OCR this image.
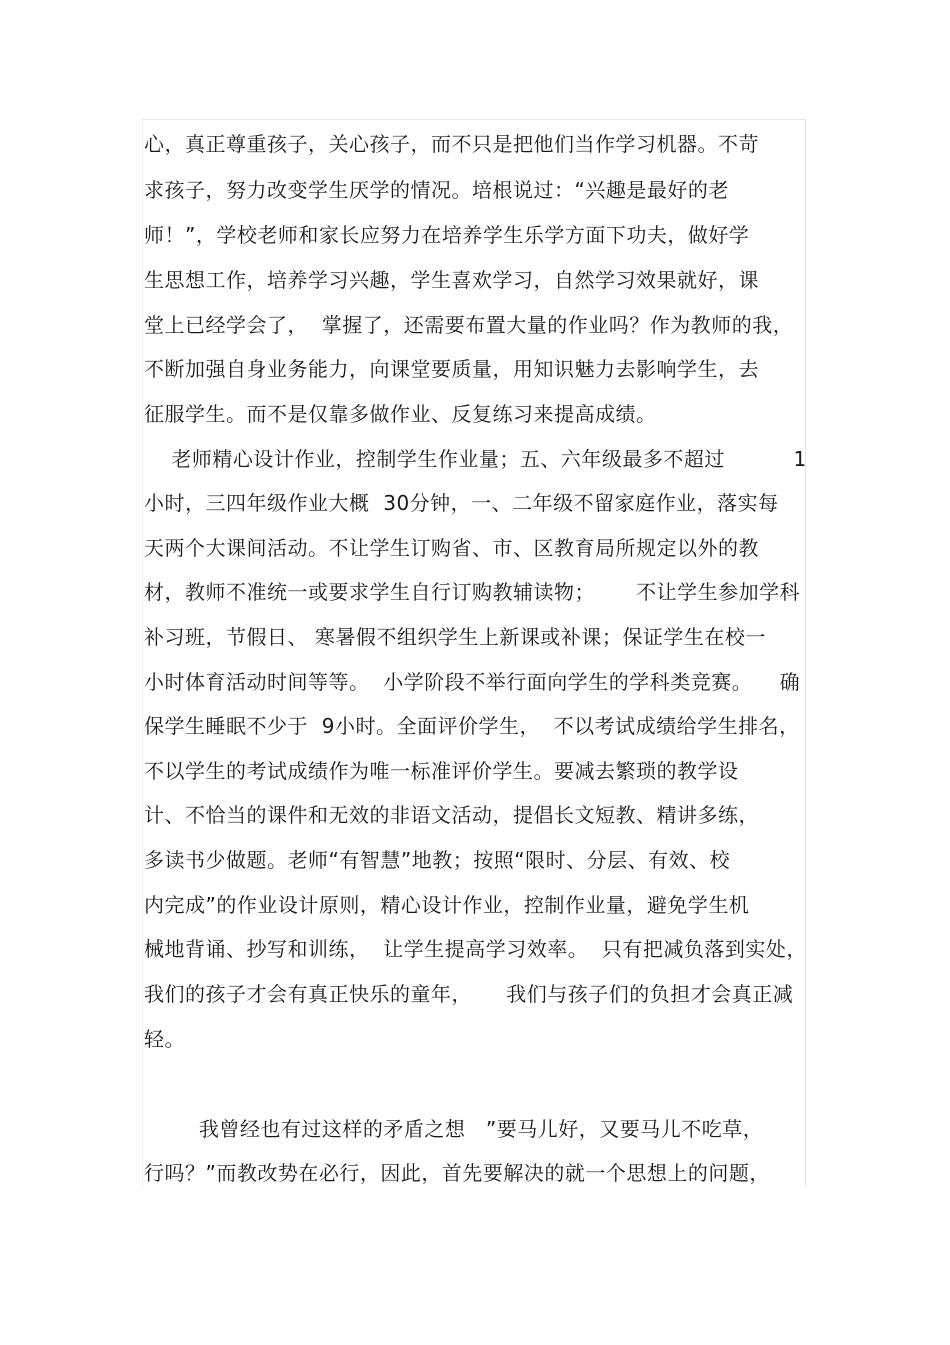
心，真正尊重孩子，关心孩子，而不只是把他们当作学习机器。不苛
求孩子，努力改变学生厌学的情况。培根说过：“兴趣是最好的老
师！”，学校老师和家长应努力在培养学生乐学方面下功夫，做好学
生思想工作，培养学习兴趣，学生喜欢学习，自然学习效果就好，课
堂上已经学会了，  掌握了，还需要布置大量的作业吗？作为教师的我，
不断加强自身业务能力，向课堂要质量，用知识魅力去影响学生，去
征服学生。而不是仅靠多做作业、反复练习来提高成绩。
老师精心设计作业，控制学生作业量；五、六年级最多不超过          1
小时，三四年级作业大概  30分钟，一、二年级不留家庭作业，落实每
天两个大课间活动。不让学生订购省、市、区教育局所规定以外的教
材，教师不准统一或要求学生自行订购教辅读物；      不让学生参加学科
补习班，节假日、 寒暑假不组织学生上新课或补课；保证学生在校一
小时体育活动时间等等。  小学阶段不举行面向学生的学科类竞赛。    确
保学生睡眠不少于  9小时。全面评价学生，  不以考试成绩给学生排名，
不以学生的考试成绩作为唯一标准评价学生。要减去繁琐的教学设
计、不恰当的课件和无效的非语文活动，提倡长文短教、精讲多练，
多读书少做题。老师“有智慧”地教；按照“限时、分层、有效、校
内完成”的作业设计原则，精心设计作业，控制作业量，避免学生机
械地背诵、抄写和训练，  让学生提高学习效率。  只有把减负落到实处，
我们的孩子才会有真正快乐的童年，     我们与孩子们的负担才会真正减
轻。
我曾经也有过这样的矛盾之想   ”要马儿好，又要马儿不吃草，
行吗？”而教改势在必行，因此，首先要解决的就一个思想上的问题，
